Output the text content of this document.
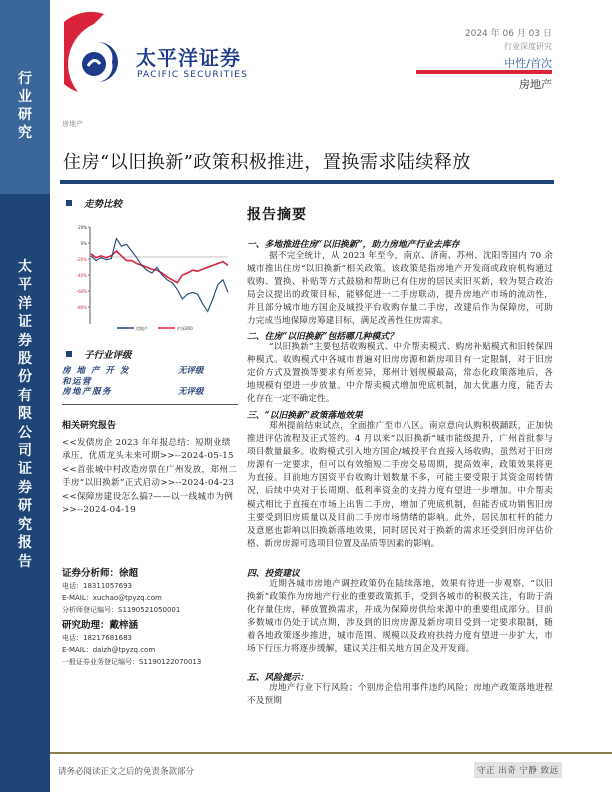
行
业
研
究
太
平
洋
证
券
股
份
有
限
公
司
证
券
研
究
报
告
太平洋证券
PACIFIC SECURITIES
2024 年 06 月 03 日
行业深度研究
中性/首次
房地产
房地产
住房“以旧换新”政策积极推进，置换需求陆续释放
走势比较
20%
0%
-20%
-40%
-60%
-80%
房地产	沪深300
子行业评级
房 地 产 开 发	无评级
和运营
房地产服务	无评级
相关研究报告
<<发债房企 2023 年年报总结：短期业绩承压，优质龙头未来可期>>--2024-05-15
<<首张城中村改造房票在广州发放，郑州二手房“以旧换新”正式启动>>--2024-04-23
<<保障房建设怎么搞?——以一线城市为例>>--2024-04-19
证券分析师：徐超
电话：18311057693
E-MAIL：xuchao@tpyzq.com
分析师登记编号：S1190521050001
研究助理：戴梓涵
电话：18217681683
E-MAIL：daizh@tpyzq.com
一般证券业务登记编号：S1190122070013
报告摘要
一、多地推进住房“以旧换新”，助力房地产行业去库存
据不完全统计，从 2023 年至今，南京、济南、苏州、沈阳等国内 70 余城市推出住房“以旧换新”相关政策。该政策是指房地产开发商或政府机构通过收购、置换、补贴等方式鼓励和帮助已有住房的居民卖旧买新，较为契合政治局会议提出的政策目标，能够促进一二手房联动，提升房地产市场的流动性，并且部分城市地方国企及城投平台收购存量二手房，改建后作为保障房，可助力完成当地保障房筹建目标，满足改善性住房需求。
二、住房“以旧换新”包括哪几种模式？
“以旧换新”主要包括收购模式、中介帮卖模式、购房补贴模式和旧转保四种模式。收购模式中各城市普遍对旧房房源和新房项目有一定限制，对于旧房定价方式及置换等要求有所差异，郑州计划规模最高，常态化政策落地后，各地规模有望进一步放量。中介帮卖模式增加兜底机制，加大优惠力度，能否去化存在一定不确定性。
三、“以旧换新”政策落地效果
郑州提前结束试点，全面推广至市八区。南京意向认购积极踊跃，正加快推进评估流程及正式签约。4 月以来“以旧换新”城市能级提升，广州首批参与项目数量最多。收购模式引入地方国企/城投平台直接入场收购，虽然对于旧房房源有一定要求，但可以有效缩短二手房交易周期，提高效率，政策效果将更为直接。目前地方国资平台收购计划数量不多，可能主要受限于其资金周转情况，后续中央对于长周期、低利率资金的支持力度有望进一步增加。中介帮卖模式相比于直接在市场上出售二手房，增加了兜底机制，但能否成功销售旧房主要受到旧房质量以及目前二手房市场情绪的影响。此外，居民加杠杆的能力及意愿也影响以旧换新落地效果，同时居民对于换新的需求还受到旧房评估价格、新房房源可选项目位置及品质等因素的影响。
四、投资建议
近期各城市房地产调控政策仍在陆续落地，效果有待进一步观察，“以旧换新”政策作为房地产行业的重要政策抓手，受到各城市的积极关注，有助于消化存量住房，释放置换需求，并成为保障房供给来源中的重要组成部分。目前多数城市仍处于试点期，涉及到的旧房房源及新房项目受到一定要求限制，随着各地政策逐步推进，城市范围、规模以及政府扶持力度有望进一步扩大，市场下行压力将逐步缓解，建议关注相关地方国企及开发商。
五、风险提示：
房地产行业下行风险；个别房企信用事件违约风险；房地产政策落地进程不及预期
请务必阅读正文之后的免责条款部分	守正 出奇 宁静 致远
